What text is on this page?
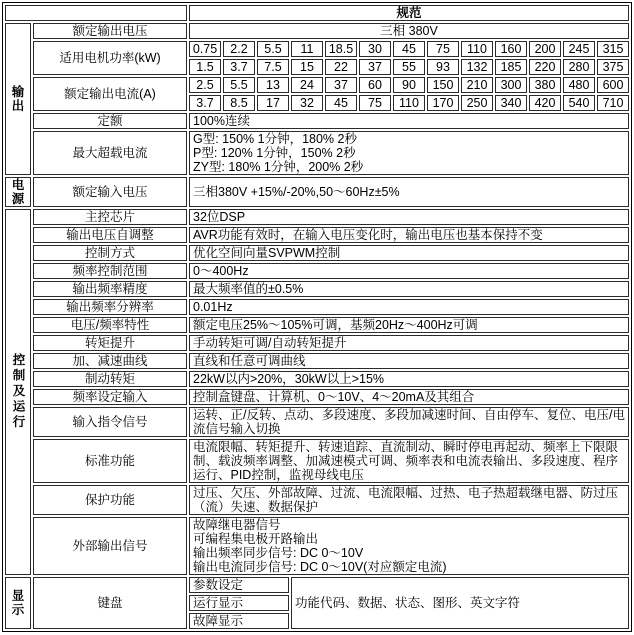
		规范												
输出	额定输出电压	三相 380V												
	适用电机功率(kW)	0.75	2.2	5.5	11	18.5	30	45	75	110	160	200	245	315
		1.5	3.7	7.5	15	22	37	55	93	132	185	220	280	375
	额定输出电流(A)	2.5	5.5	13	24	37	60	90	150	210	300	380	480	600
		3.7	8.5	17	32	45	75	110	170	250	340	420	540	710
	定额	100%连续												
	最大超载电流	G型: 150% 1分钟，180% 2秒
P型: 120% 1分钟，150% 2秒
ZY型: 180% 1分钟，200% 2秒												

电源	额定输入电压	三相380V +15%/-20%,50～60Hz±5%												

控制及运行	主控芯片	32位DSP												
	输出电压自调整	AVR功能有效时，在输入电压变化时，输出电压也基本保持不变												
	控制方式	优化空间向量SVPWM控制												
	频率控制范围	0～400Hz												
	输出频率精度	最大频率值的±0.5%												
	输出频率分辨率	0.01Hz												
	电压/频率特性	额定电压25%～105%可调，基频20Hz～400Hz可调												
	转矩提升	手动转矩可调/自动转矩提升												
	加、减速曲线	直线和任意可调曲线												
	制动转矩	22kW以内>20%，30kW以上>15%												
	频率设定输入	控制盒键盘、计算机、0～10V、4～20mA及其组合												
	输入指令信号	运转、正/反转、点动、多段速度、多段加减速时间、自由停车、复位、电压/电流信号输入切换												
	标准功能	电流限幅、转矩提升、转速追踪、直流制动、瞬时停电再起动、频率上下限限制、载波频率调整、加减速模式可调、频率表和电流表输出、多段速度、程序运行、PID控制，监视母线电压												
	保护功能	过压、欠压、外部故障、过流、电流限幅、过热、电子热超载继电器、防过压（流）失速、数据保护												
	外部输出信号	故障继电器信号
可编程集电极开路输出
输出频率同步信号: DC 0～10V
输出电流同步信号: DC 0～10V(对应额定电流)												

显示	键盘	参数设定			功能代码、数据、状态、图形、英文字符									
		运行显示												
		故障显示												
